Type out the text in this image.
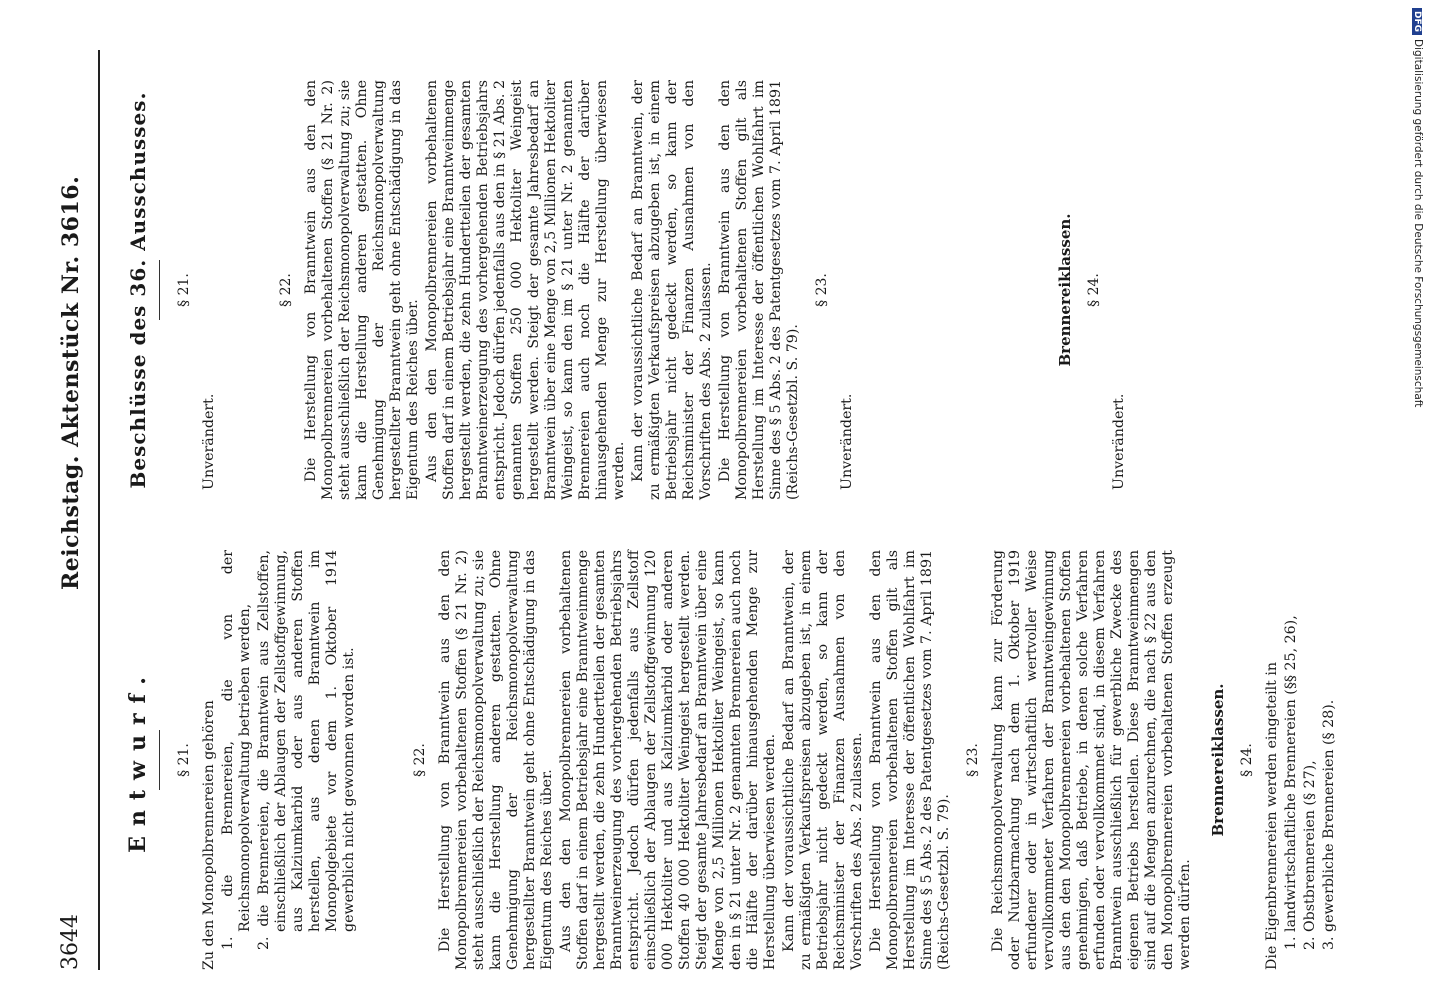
3644
Reichstag. Aktenstück Nr. 3616.
Entwurf. § 21. Zu den Monopolbrennereien gehören 1. die Brennereien, die von der Reichsmonopolverwaltung betrieben werden, 2. die Brennereien, die Branntwein aus Zellstoffen, einschließlich der Ablaugen der Zellstoffgewinnung, aus Kalziumkarbid oder aus anderen Stoffen herstellen, aus denen Branntwein im Monopolgebiete vor dem 1. Oktober 1914 gewerblich nicht gewonnen worden ist.	§ 22. Die Herstellung von Branntwein aus den den Monopolbrennereien vorbehaltenen Stoffen (§ 21 Nr. 2) steht ausschließlich der Reichsmonopolverwaltung zu; sie kann die Herstellung anderen gestatten. Ohne Genehmigung der Reichsmonopolverwaltung hergestellter Branntwein geht ohne Entschädigung in das Eigentum des Reiches über. Aus den den Monopolbrennereien vorbehaltenen Stoffen darf in einem Betriebsjahr eine Branntweinmenge hergestellt werden, die zehn Hundertteilen der gesamten Branntweinerzeugung des vorhergehenden Betriebsjahrs entspricht. Jedoch dürfen jedenfalls aus Zellstoff einschließlich der Ablaugen der Zellstoffgewinnung 120 000 Hektoliter und aus Kalziumkarbid oder anderen Stoffen 40 000 Hektoliter Weingeist hergestellt werden. Steigt der gesamte Jahresbedarf an Branntwein über eine Menge von 2,5 Millionen Hektoliter Weingeist, so kann den in § 21 unter Nr. 2 genannten Brennereien auch noch die Hälfte der darüber hinausgehenden Menge zur Herstellung überwiesen werden. Kann der voraussichtliche Bedarf an Branntwein, der zu ermäßigten Verkaufspreisen abzugeben ist, in einem Betriebsjahr nicht gedeckt werden, so kann der Reichsminister der Finanzen Ausnahmen von den Vorschriften des Abs. 2 zulassen. Die Herstellung von Branntwein aus den den Monopolbrennereien vorbehaltenen Stoffen gilt als Herstellung im Interesse der öffentlichen Wohlfahrt im Sinne des § 5 Abs. 2 des Patentgesetzes vom 7. April 1891 (Reichs-Gesetzbl. S. 79).

§ 23. Die Reichsmonopolverwaltung kann zur Förderung oder Nutzbarmachung nach dem 1. Oktober 1919 erfundener oder in wirtschaftlich wertvoller Weise vervollkommneter Verfahren der Branntweingewinnung aus den den Monopolbrennereien vorbehaltenen Stoffen genehmigen, daß Betriebe, in denen solche Verfahren erfunden oder vervollkommnet sind, in diesem Verfahren Branntwein ausschließlich für gewerbliche Zwecke des eigenen Betriebs herstellen. Diese Branntweinmengen sind auf die Mengen anzurechnen, die nach § 22 aus den den Monopolbrennereien vorbehaltenen Stoffen erzeugt werden dürfen.

Brennereiklassen. § 24. Die Eigenbrennereien werden eingeteilt in 1. landwirtschaftliche Brennereien (§§ 25, 26), 2. Obstbrennereien (§ 27), 3. gewerbliche Brennereien (§ 28).

Beschlüsse des 36. Ausschusses. § 21.
Unverändert.
§ 22. Die Herstellung von Branntwein aus den den Monopolbrennereien vorbehaltenen Stoffen (§ 21 Nr. 2) steht ausschließlich der Reichsmonopolverwaltung zu; sie kann die Herstellung anderen gestatten. Ohne Genehmigung der Reichsmonopolverwaltung hergestellter Branntwein geht ohne Entschädigung in das Eigentum des Reiches über. Aus den den Monopolbrennereien vorbehaltenen Stoffen darf in einem Betriebsjahr eine Branntweinmenge hergestellt werden, die zehn Hundertteilen der gesamten Branntweinerzeugung des vorhergehenden Betriebsjahrs entspricht. Jedoch dürfen jedenfalls aus den in § 21 Abs. 2 genannten Stoffen 250 000 Hektoliter Weingeist hergestellt werden. Steigt der gesamte Jahresbedarf an Branntwein über eine Menge von 2,5 Millionen Hektoliter Weingeist, so kann den im § 21 unter Nr. 2 genannten Brennereien auch noch die Hälfte der darüber hinausgehenden Menge zur Herstellung überwiesen werden. Kann der voraussichtliche Bedarf an Branntwein, der zu ermäßigten Verkaufspreisen abzugeben ist, in einem Betriebsjahr nicht gedeckt werden, so kann der Reichsminister der Finanzen Ausnahmen von den Vorschriften des Abs. 2 zulassen. Die Herstellung von Branntwein aus den den Monopolbrennereien vorbehaltenen Stoffen gilt als Herstellung im Interesse der öffentlichen Wohlfahrt im Sinne des § 5 Abs. 2 des Patentgesetzes vom 7. April 1891 (Reichs-Gesetzbl. S. 79).

§ 23.
Unverändert.
Brennereiklassen. § 24.
Unverändert.
DFGDigitalisierung gefördert durch die Deutsche Forschungsgemeinschaft
